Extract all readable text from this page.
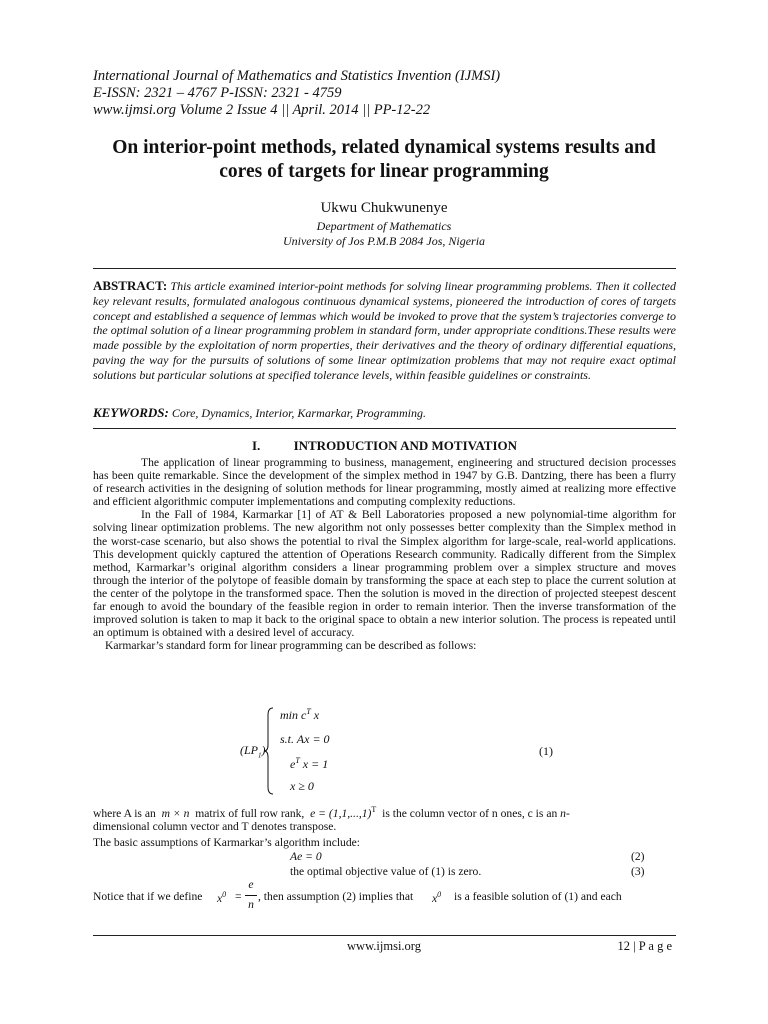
International Journal of Mathematics and Statistics Invention (IJMSI)
E-ISSN: 2321 – 4767 P-ISSN: 2321 - 4759
www.ijmsi.org Volume 2 Issue 4 || April. 2014 || PP-12-22
On interior-point methods, related dynamical systems results and
cores of targets for linear programming
Ukwu Chukwunenye
Department of Mathematics
University of Jos P.M.B 2084 Jos, Nigeria
ABSTRACT: This article examined interior-point methods for solving linear programming problems. Then it collected key relevant results, formulated analogous continuous dynamical systems, pioneered the introduction of cores of targets concept and established a sequence of lemmas which would be invoked to prove that the system’s trajectories converge to the optimal solution of a linear programming problem in standard form, under appropriate conditions.These results were made possible by the exploitation of norm properties, their derivatives and the theory of ordinary differential equations, paving the way for the pursuits of solutions of some linear optimization problems that may not require exact optimal solutions but particular solutions at specified tolerance levels, within feasible guidelines or constraints.
KEYWORDS: Core, Dynamics, Interior, Karmarkar, Programming.
I.	INTRODUCTION AND MOTIVATION

The application of linear programming to business, management, engineering and structured decision processes has been quite remarkable. Since the development of the simplex method in 1947 by G.B. Dantzing, there has been a flurry of research activities in the designing of solution methods for linear programming, mostly aimed at realizing more effective and efficient algorithmic computer implementations and computing complexity reductions.

In the Fall of 1984, Karmarkar [1] of AT & Bell Laboratories proposed a new polynomial-time algorithm for solving linear optimization problems. The new algorithm not only possesses better complexity than the Simplex method in the worst-case scenario, but also shows the potential to rival the Simplex algorithm for large-scale, real-world applications. This development quickly captured the attention of Operations Research community. Radically different from the Simplex method, Karmarkar’s original algorithm considers a linear programming problem over a simplex structure and moves through the interior of the polytope of feasible domain by transforming the space at each step to place the current solution at the center of the polytope in the transformed space. Then the solution is moved in the direction of projected steepest descent far enough to avoid the boundary of the feasible region in order to remain interior. Then the inverse transformation of the improved solution is taken to map it back to the original space to obtain a new interior solution. The process is repeated until an optimum is obtained with a desired level of accuracy.

Karmarkar’s standard form for linear programming can be described as follows:

$(LP_1)$
$\min c^T$ x
s.t. Ax = 0
$e^T$ x = 1
x ≥ 0
(1)
where A is an m × n matrix of full row rank, $e = (1,1,...,1)^T$ is the column vector of n ones, c is an n-
dimensional column vector and T denotes transpose.
The basic assumptions of Karmarkar’s algorithm include:
Ae = 0	(2)
the optimal objective value of (1) is zero.	(3)
Notice that if we define $x^0$ =
e
n
, then assumption (2) implies that $x^0$ is a feasible solution of (1) and each
www.ijmsi.org	12 | P a g e
